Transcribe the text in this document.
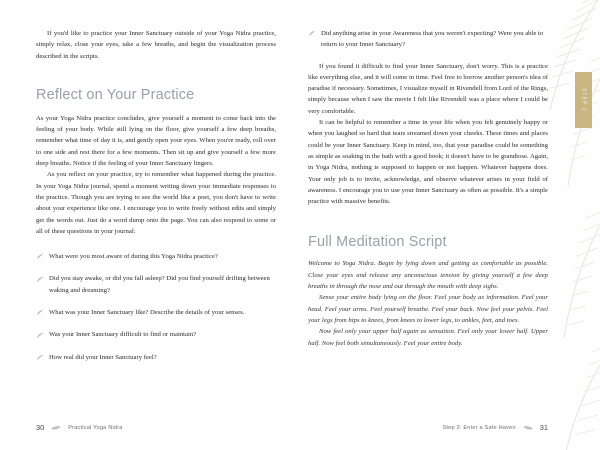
STEP 2

If you'd like to practice your Inner Sanctuary outside of your Yoga Nidra practice, simply relax, close your eyes, take a few breaths, and begin the visualization process described in the scripts.

Reflect on Your Practice

As your Yoga Nidra practice concludes, give yourself a moment to come back into the feeling of your body. While still lying on the floor, give yourself a few deep breaths, remember what time of day it is, and gently open your eyes. When you're ready, roll over to one side and rest there for a few moments. Then sit up and give yourself a few more deep breaths. Notice if the feeling of your Inner Sanctuary lingers.

As you reflect on your practice, try to remember what happened during the practice. In your Yoga Nidra journal, spend a moment writing down your immediate responses to the practice. Though you are trying to see the world like a poet, you don't have to write about your experience like one. I encourage you to write freely without edits and simply get the words out. Just do a word dump onto the page. You can also respond to some or all of these questions in your journal:

What were you most aware of during this Yoga Nidra practice?
Did you stay awake, or did you fall asleep? Did you find yourself drifting between waking and dreaming?
What was your Inner Sanctuary like? Describe the details of your senses.
Was your Inner Sanctuary difficult to find or maintain?
How real did your Inner Sanctuary feel?
30	Practical Yoga Nidra
Did anything arise in your Awareness that you weren't expecting? Were you able to return to your Inner Sanctuary?

If you found it difficult to find your Inner Sanctuary, don't worry. This is a practice like everything else, and it will come in time. Feel free to borrow another person's idea of paradise if necessary. Sometimes, I visualize myself in Rivendell from Lord of the Rings, simply because when I saw the movie I felt like Rivendell was a place where I could be very comfortable.

It can be helpful to remember a time in your life when you felt genuinely happy or when you laughed so hard that tears streamed down your cheeks. These times and places could be your Inner Sanctuary. Keep in mind, too, that your paradise could be something as simple as soaking in the bath with a good book; it doesn't have to be grandiose. Again, in Yoga Nidra, nothing is supposed to happen or not happen. Whatever happens does. Your only job is to invite, acknowledge, and observe whatever arises in your field of awareness. I encourage you to use your Inner Sanctuary as often as possible. It's a simple practice with massive benefits.

Full Meditation Script

Welcome to Yoga Nidra. Begin by lying down and getting as comfortable as possible. Close your eyes and release any unconscious tension by giving yourself a few deep breaths in through the nose and out through the mouth with deep sighs.

Sense your entire body lying on the floor. Feel your body as information. Feel your head. Feel your arms. Feel yourself breathe. Feel your back. Now feel your pelvis. Feel your legs from hips to knees, from knees to lower legs, to ankles, feet, and toes.

Now feel only your upper half again as sensation. Feel only your lower half. Upper half. Now feel both simultaneously. Feel your entire body.

Step 2: Enter a Safe Haven	31
